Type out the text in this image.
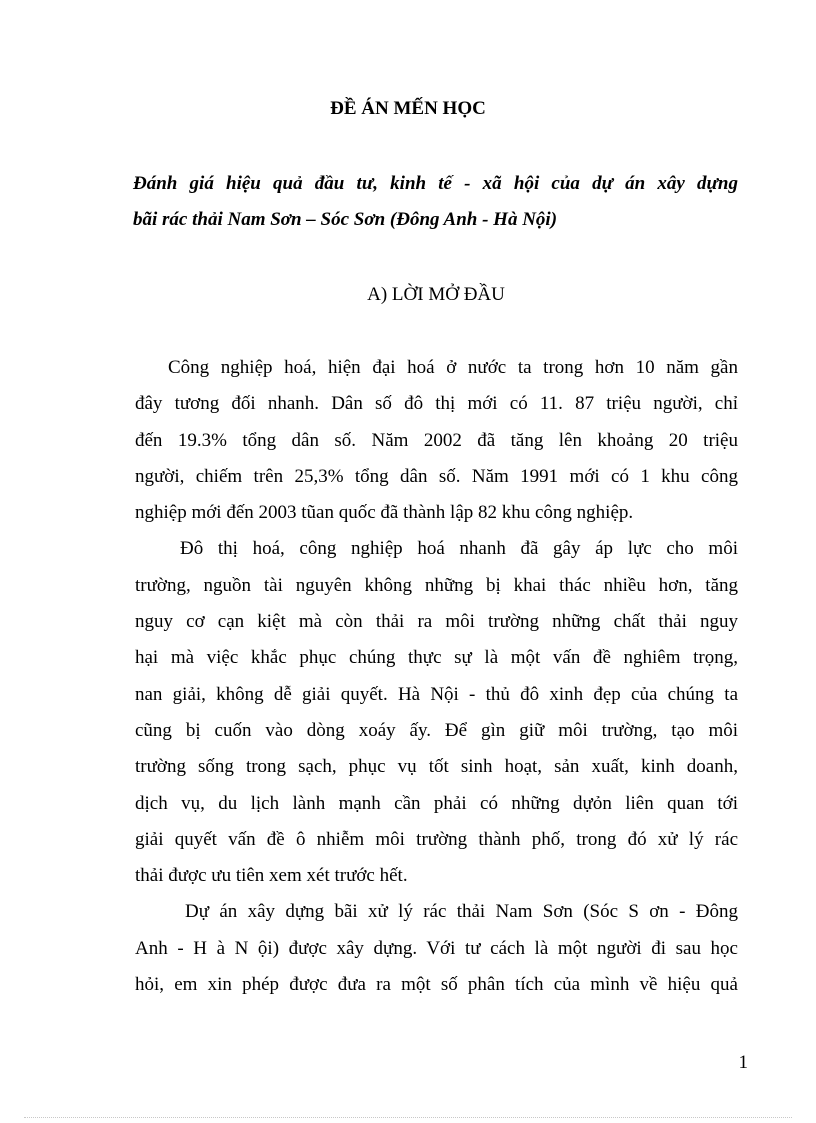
ĐỀ ÁN MẾN HỌC
Đánh giá hiệu quả đầu tư, kinh tế - xã hội của dự án xây dựng
bãi rác thải Nam Sơn – Sóc Sơn (Đông Anh - Hà Nội)
A) LỜI MỞ ĐẦU
Công nghiệp hoá, hiện đại hoá ở nước ta trong hơn 10 năm gần
đây tương đối nhanh. Dân số đô thị mới có 11. 87 triệu người, chỉ
đến 19.3% tổng dân số. Năm 2002 đã tăng lên khoảng 20 triệu
người, chiếm trên 25,3% tổng dân số. Năm 1991 mới có 1 khu công
nghiệp mới đến 2003 tũan quốc đã thành lập 82 khu công nghiệp.
Đô thị hoá, công nghiệp hoá nhanh đã gây áp lực cho môi
trường, nguồn tài nguyên không những bị khai thác nhiều hơn, tăng
nguy cơ cạn kiệt mà còn thải ra môi trường những chất thải nguy
hại mà việc khắc phục chúng thực sự là một vấn đề nghiêm trọng,
nan giải, không dễ giải quyết. Hà Nội - thủ đô xinh đẹp của chúng ta
cũng bị cuốn vào dòng xoáy ấy. Để gìn giữ môi trường, tạo môi
trường sống trong sạch, phục vụ tốt sinh hoạt, sản xuất, kinh doanh,
dịch vụ, du lịch lành mạnh cần phải có những dựỏn liên quan tới
giải quyết vấn đề ô nhiễm môi trường thành phố, trong đó xử lý rác
thải được ưu tiên xem xét trước hết.
Dự án xây dựng bãi xử lý rác thải Nam Sơn (Sóc S ơn - Đông
Anh - H à N ội) được xây dựng. Với tư cách là một người đi sau học
hỏi, em xin phép được đưa ra một số phân tích của mình về hiệu quả
1
